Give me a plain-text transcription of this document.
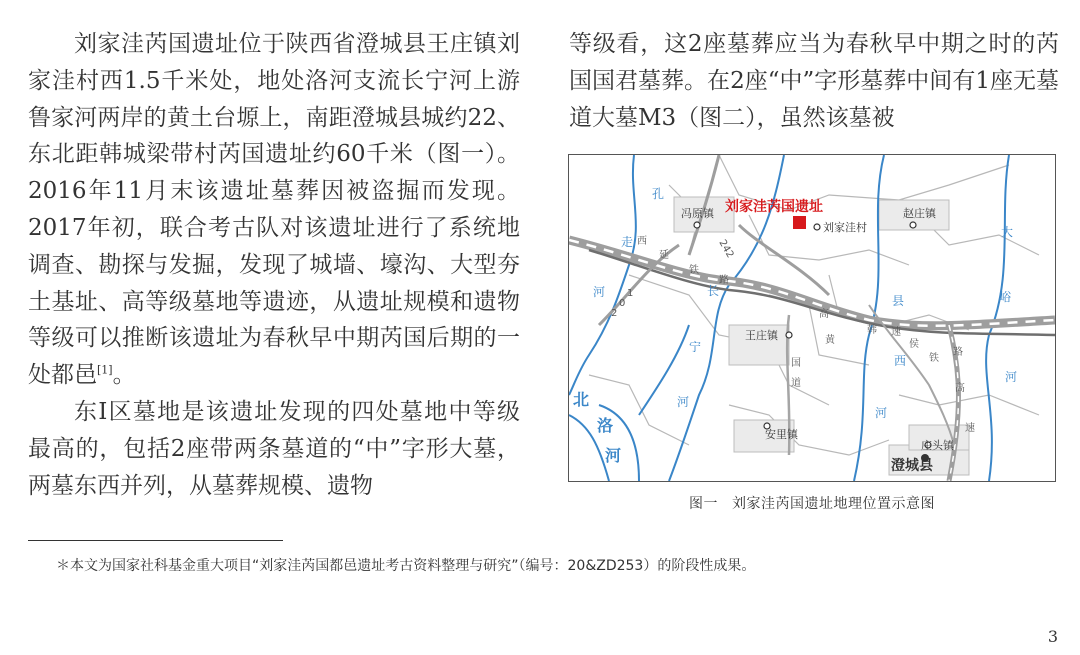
刘家洼芮国遗址位于陕西省澄城县王庄镇刘家洼村西1.5千米处，地处洛河支流长宁河上游鲁家河两岸的黄土台塬上，南距澄城县城约22、东北距韩城梁带村芮国遗址约60千米（图一）。2016年11月末该遗址墓葬因被盗掘而发现。2017年初，联合考古队对该遗址进行了系统地调查、勘探与发掘，发现了城墙、壕沟、大型夯土基址、高等级墓地等遗迹，从遗址规模和遗物等级可以推断该遗址为春秋早中期芮国后期的一处都邑[1]。

东Ⅰ区墓地是该遗址发现的四处墓地中等级最高的，包括2座带两条墓道的“中”字形大墓，两墓东西并列，从墓葬规模、遗物

等级看，这2座墓葬应当为春秋早中期之时的芮国国君墓葬。在2座“中”字形墓葬中间有1座无墓道大墓M3（图二），虽然该墓被

冯原镇
刘家洼村
赵庄镇
王庄镇
安里镇
庄头镇
澄城县
刘家洼芮国遗址
242
孔
走
河	长
宁
河
县
西
河
大
峪
河
北
洛
河
2
0
1
西
延
铁
路
国
道
高
速
黄
韩
侯
铁
路
高
速
图一 刘家洼芮国遗址地理位置示意图
＊本文为国家社科基金重大项目“刘家洼芮国都邑遗址考古资料整理与研究”（编号：20&ZD253）的阶段性成果。
3
